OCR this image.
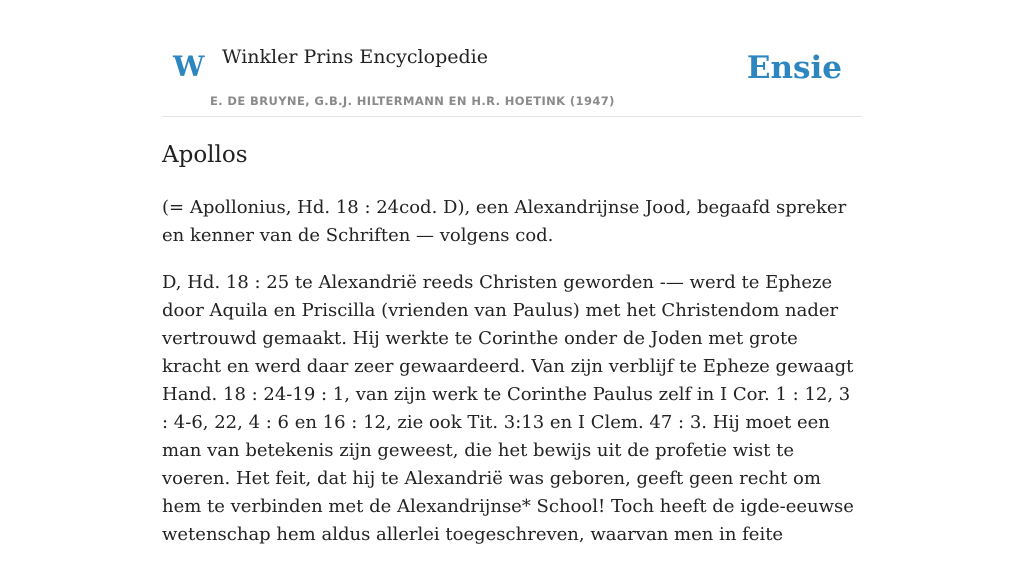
W Winkler Prins Encyclopedie
E. DE BRUYNE, G.B.J. HILTERMANN EN H.R. HOETINK (1947)
Ensie
Apollos

(= Apollonius, Hd. 18 : 24cod. D), een Alexandrijnse Jood, begaafd spreker en kenner van de Schriften — volgens cod.

D, Hd. 18 : 25 te Alexandrië reeds Christen geworden -— werd te Epheze door Aquila en Priscilla (vrienden van Paulus) met het Christendom nader vertrouwd gemaakt. Hij werkte te Corinthe onder de Joden met grote kracht en werd daar zeer gewaardeerd. Van zijn verblijf te Epheze gewaagt Hand. 18 : 24-19 : 1, van zijn werk te Corinthe Paulus zelf in I Cor. 1 : 12, 3 : 4-6, 22, 4 : 6 en 16 : 12, zie ook Tit. 3:13 en I Clem. 47 : 3. Hij moet een man van betekenis zijn geweest, die het bewijs uit de profetie wist te voeren. Het feit, dat hij te Alexandrië was geboren, geeft geen recht om hem te verbinden met de Alexandrijnse* School! Toch heeft de igde-eeuwse wetenschap hem aldus allerlei toegeschreven, waarvan men in feite
